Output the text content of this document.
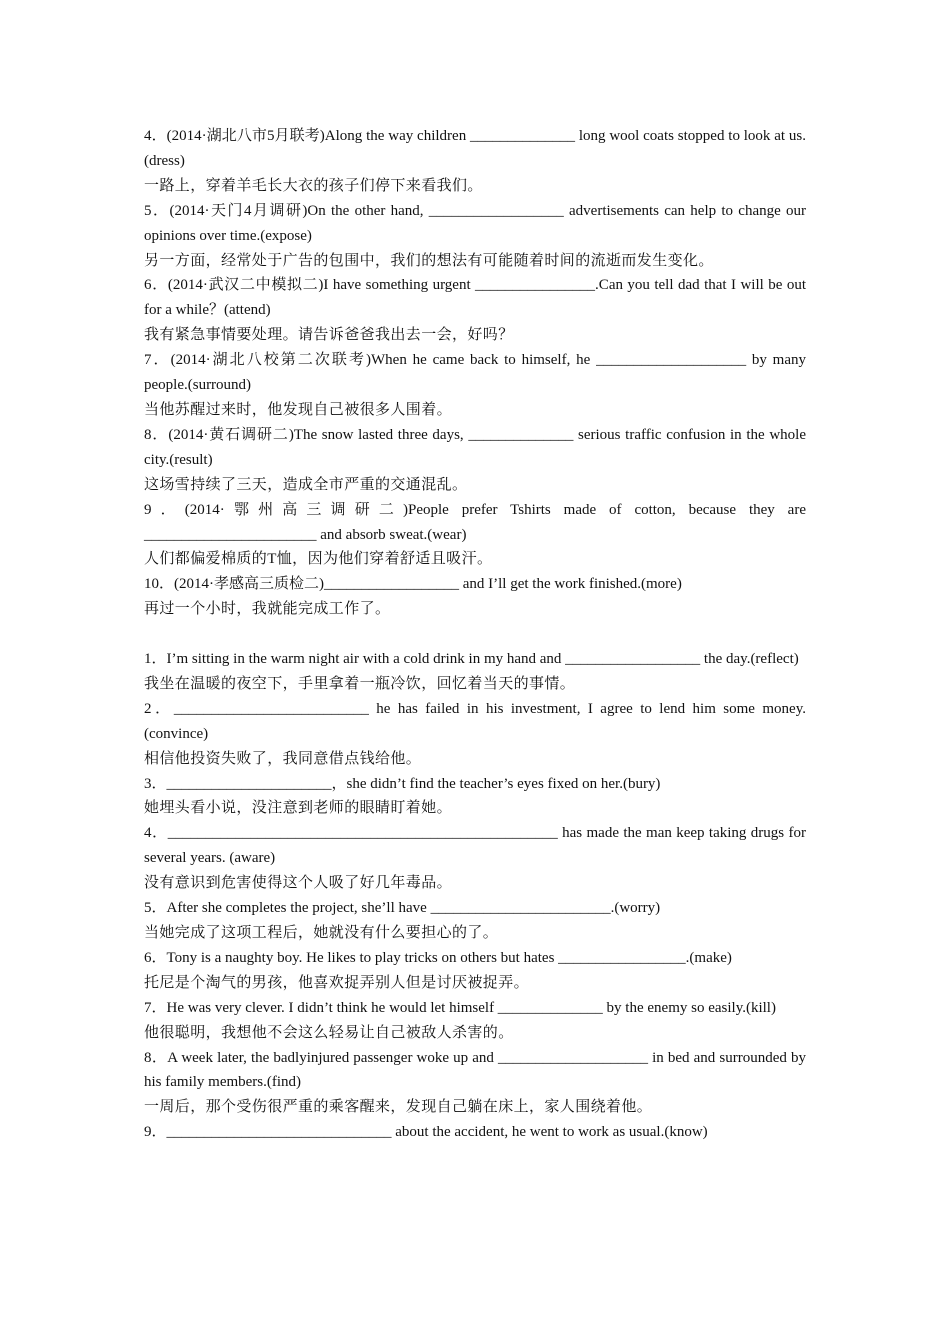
4．(2014·湖北八市5月联考)Along the way children ______________ long wool coats stopped to look at us.(dress)
一路上，穿着羊毛长大衣的孩子们停下来看我们。
5．(2014·天门4月调研)On the other hand, __________________ advertisements can help to change our opinions over time.(expose)
另一方面，经常处于广告的包围中，我们的想法有可能随着时间的流逝而发生变化。
6．(2014·武汉二中模拟二)I have something urgent ________________.Can you tell dad that I will be out for a while？(attend)
我有紧急事情要处理。请告诉爸爸我出去一会，好吗？
7．(2014·湖北八校第二次联考)When he came back to himself, he ____________________ by many people.(surround)
当他苏醒过来时，他发现自己被很多人围着。
8．(2014·黄石调研二)The snow lasted three days, ______________ serious traffic confusion in the whole city.(result)
这场雪持续了三天，造成全市严重的交通混乱。
9．(2014·鄂州高三调研二)People prefer Tshirts made of cotton, because they are _______________________ and absorb sweat.(wear)
人们都偏爱棉质的T恤，因为他们穿着舒适且吸汗。
10．(2014·孝感高三质检二)__________________ and I’ll get the work finished.(more)
再过一个小时，我就能完成工作了。
1．I’m sitting in the warm night air with a cold drink in my hand and __________________ the day.(reflect)
我坐在温暖的夜空下，手里拿着一瓶冷饮，回忆着当天的事情。
2．__________________________ he has failed in his investment, I agree to lend him some money.(convince)
相信他投资失败了，我同意借点钱给他。
3．______________________，she didn’t find the teacher’s eyes fixed on her.(bury)
她埋头看小说，没注意到老师的眼睛盯着她。
4．____________________________________________________ has made the man keep taking drugs for several years. (aware)
没有意识到危害使得这个人吸了好几年毒品。
5．After she completes the project, she’ll have ________________________.(worry)
当她完成了这项工程后，她就没有什么要担心的了。
6．Tony is a naughty boy. He likes to play tricks on others but hates _________________.(make)
托尼是个淘气的男孩，他喜欢捉弄别人但是讨厌被捉弄。
7．He was very clever. I didn’t think he would let himself ______________ by the enemy so easily.(kill)
他很聪明，我想他不会这么轻易让自己被敌人杀害的。
8．A week later, the badlyinjured passenger woke up and ____________________ in bed and surrounded by his family members.(find)
一周后，那个受伤很严重的乘客醒来，发现自己躺在床上，家人围绕着他。
9．______________________________ about the accident, he went to work as usual.(know)
